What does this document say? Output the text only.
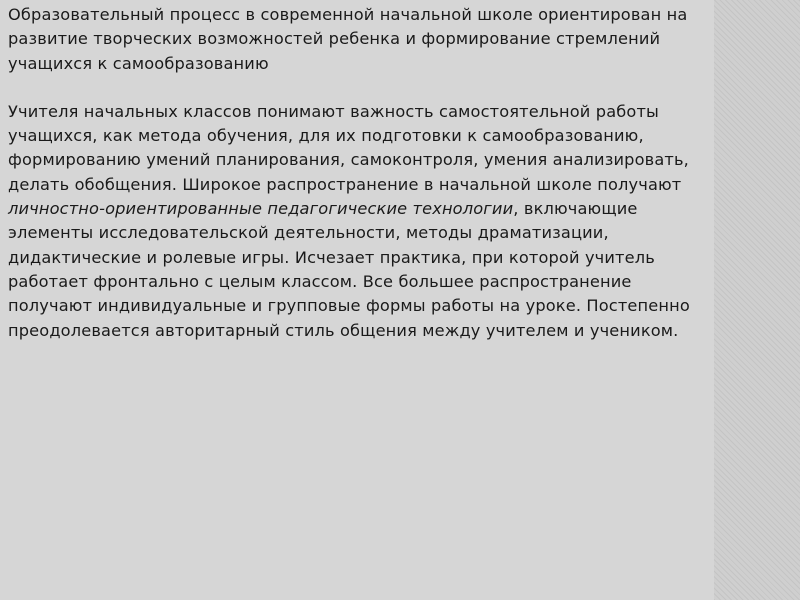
Образовательный процесс в современной начальной школе ориентирован на развитие творческих возможностей ребенка и формирование стремлений учащихся к самообразованию

Учителя начальных классов понимают важность самостоятельной работы учащихся, как метода обучения, для их подготовки к самообразованию, формированию умений планирования, самоконтроля, умения анализировать, делать обобщения. Широкое распространение в начальной школе получают личностно-ориентированные педагогические технологии, включающие элементы исследовательской деятельности, методы драматизации, дидактические и ролевые игры. Исчезает практика, при которой учитель работает фронтально с целым классом. Все большее распространение получают индивидуальные и групповые формы работы на уроке. Постепенно преодолевается авторитарный стиль общения между учителем и учеником.
